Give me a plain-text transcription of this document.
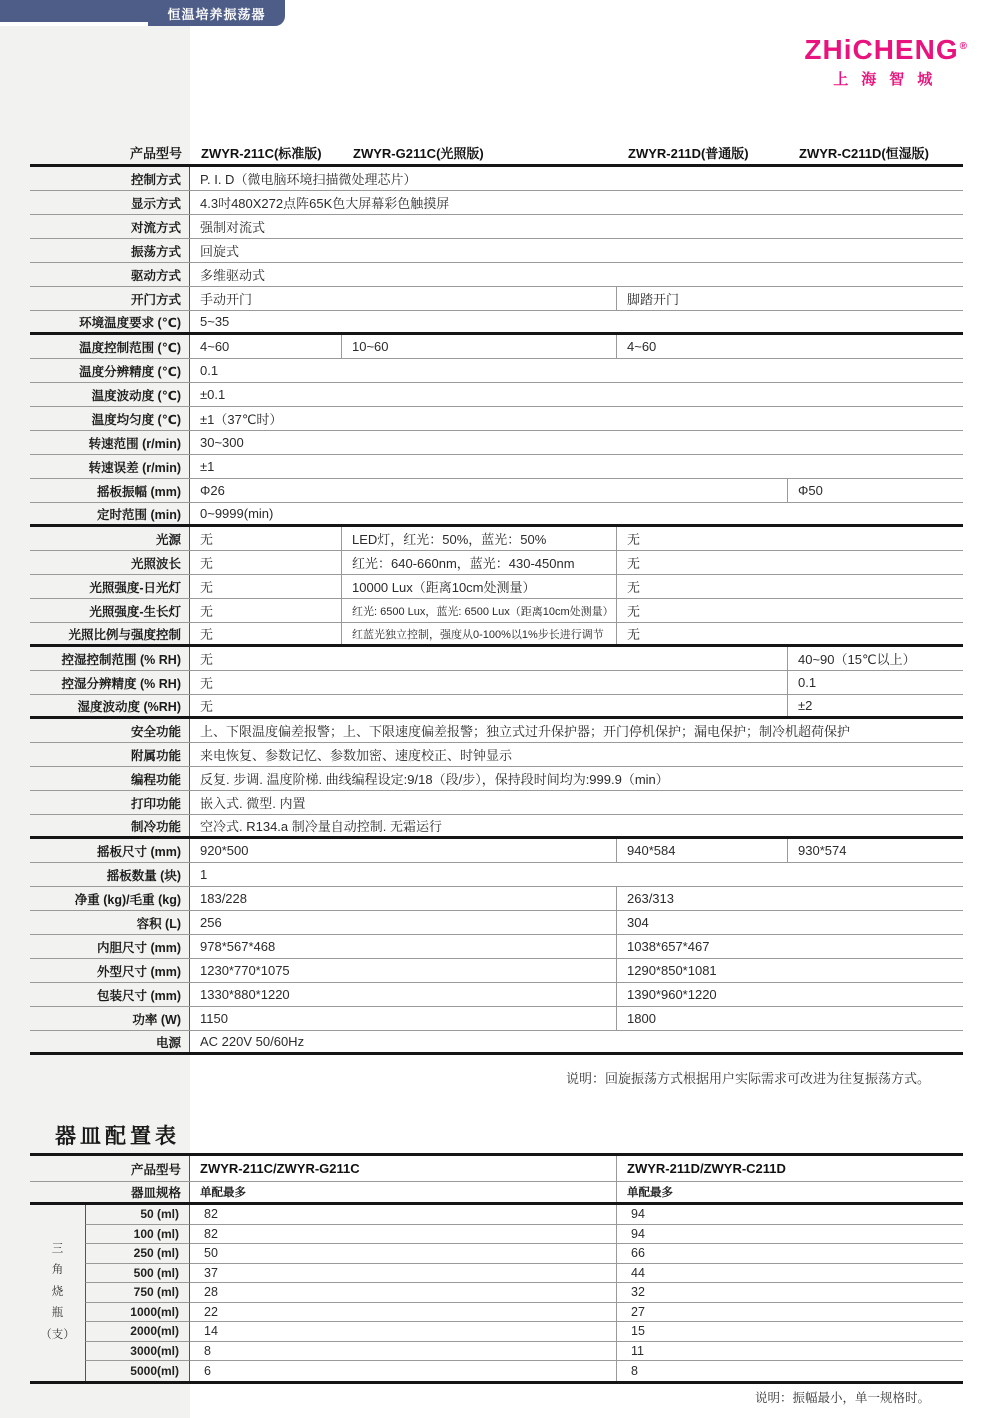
恒温培养振荡器
ZHiCHENG®
上海智城
产品型号	ZWYR-211C(标准版)	ZWYR-G211C(光照版)	ZWYR-211D(普通版)	ZWYR-C211D(恒湿版)
控制方式	P. I. D（微电脑环境扫描微处理芯片）
显示方式	4.3吋480X272点阵65K色大屏幕彩色触摸屏
对流方式	强制对流式
振荡方式	回旋式
驱动方式	多维驱动式
开门方式	手动开门	脚踏开门
环境温度要求 (℃)	5~35
温度控制范围 (℃)	4~60	10~60	4~60
温度分辨精度 (℃)	0.1
温度波动度 (℃)	±0.1
温度均匀度 (℃)	±1（37℃时）
转速范围 (r/min)	30~300
转速误差 (r/min)	±1
摇板振幅 (mm)	Φ26	Φ50
定时范围 (min)	0~9999(min)
光源	无	LED灯，红光：50%，蓝光：50%	无
光照波长	无	红光：640-660nm，蓝光：430-450nm	无
光照强度-日光灯	无	10000 Lux（距离10cm处测量）	无
光照强度-生长灯	无	红光: 6500 Lux，蓝光: 6500 Lux（距离10cm处测量）	无
光照比例与强度控制	无	红蓝光独立控制，强度从0-100%以1%步长进行调节	无
控湿控制范围 (% RH)	无	40~90（15℃以上）
控湿分辨精度 (% RH)	无	0.1
湿度波动度 (%RH)	无	±2
安全功能	上、下限温度偏差报警；上、下限速度偏差报警；独立式过升保护器；开门停机保护；漏电保护；制冷机超荷保护
附属功能	来电恢复、参数记忆、参数加密、速度校正、时钟显示
编程功能	反复. 步调. 温度阶梯. 曲线编程设定:9/18（段/步），保持段时间均为:999.9（min）
打印功能	嵌入式. 微型. 内置
制冷功能	空冷式. R134.a 制冷量自动控制. 无霜运行
摇板尺寸 (mm)	920*500	940*584	930*574
摇板数量 (块)	1
净重 (kg)/毛重 (kg)	183/228	263/313
容积 (L)	256	304
内胆尺寸 (mm)	978*567*468	1038*657*467
外型尺寸 (mm)	1230*770*1075	1290*850*1081
包装尺寸 (mm)	1330*880*1220	1390*960*1220
功率 (W)	1150	1800
电源	AC 220V 50/60Hz
说明：回旋振荡方式根据用户实际需求可改进为往复振荡方式。
器皿配置表
产品型号	ZWYR-211C/ZWYR-G211C	ZWYR-211D/ZWYR-C211D
器皿规格	单配最多	单配最多
50 (ml)	82	94
100 (ml)	82	94
250 (ml)	50	66
500 (ml)	37	44
750 (ml)	28	32
1000(ml)	22	27
2000(ml)	14	15
3000(ml)	8	11
5000(ml)	6	8
三
角
烧
瓶
（支）
说明：振幅最小，单一规格时。
